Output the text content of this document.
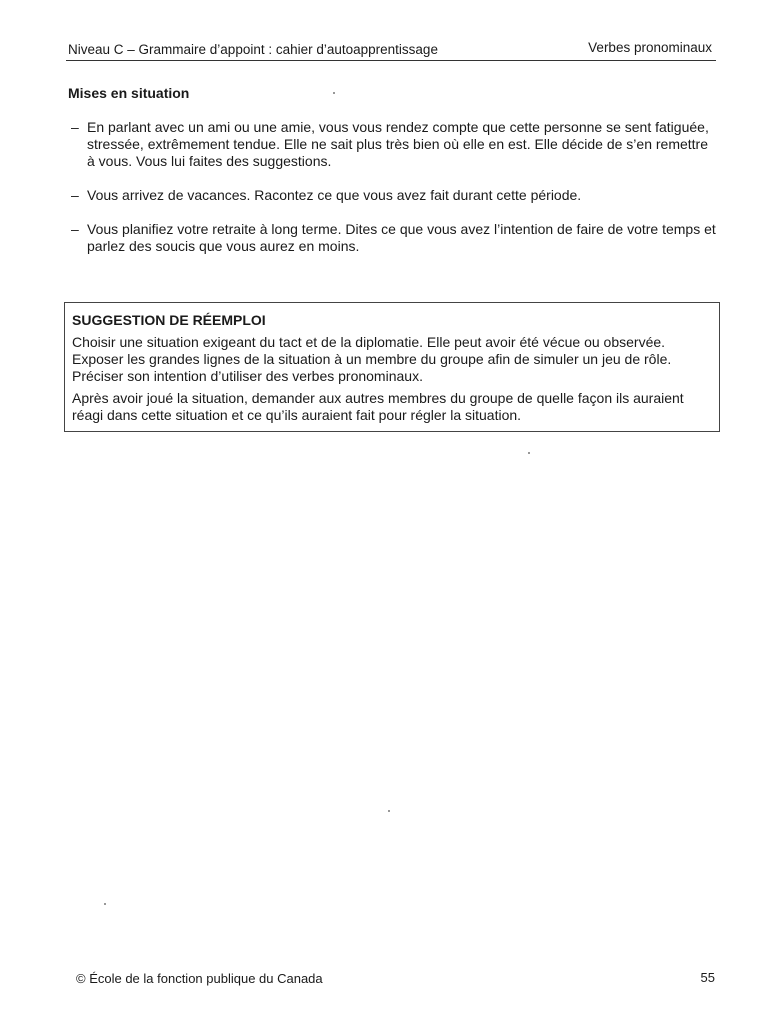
Niveau C – Grammaire d’appoint : cahier d’autoapprentissage	Verbes pronominaux
Mises en situation
– En parlant avec un ami ou une amie, vous vous rendez compte que cette personne se sent fatiguée, stressée, extrêmement tendue. Elle ne sait plus très bien où elle en est. Elle décide de s’en remettre à vous. Vous lui faites des suggestions.
– Vous arrivez de vacances. Racontez ce que vous avez fait durant cette période.
– Vous planifiez votre retraite à long terme. Dites ce que vous avez l’intention de faire de votre temps et parlez des soucis que vous aurez en moins.
SUGGESTION DE RÉEMPLOI

Choisir une situation exigeant du tact et de la diplomatie. Elle peut avoir été vécue ou observée. Exposer les grandes lignes de la situation à un membre du groupe afin de simuler un jeu de rôle. Préciser son intention d’utiliser des verbes pronominaux.

Après avoir joué la situation, demander aux autres membres du groupe de quelle façon ils auraient réagi dans cette situation et ce qu’ils auraient fait pour régler la situation.

© École de la fonction publique du Canada	55
